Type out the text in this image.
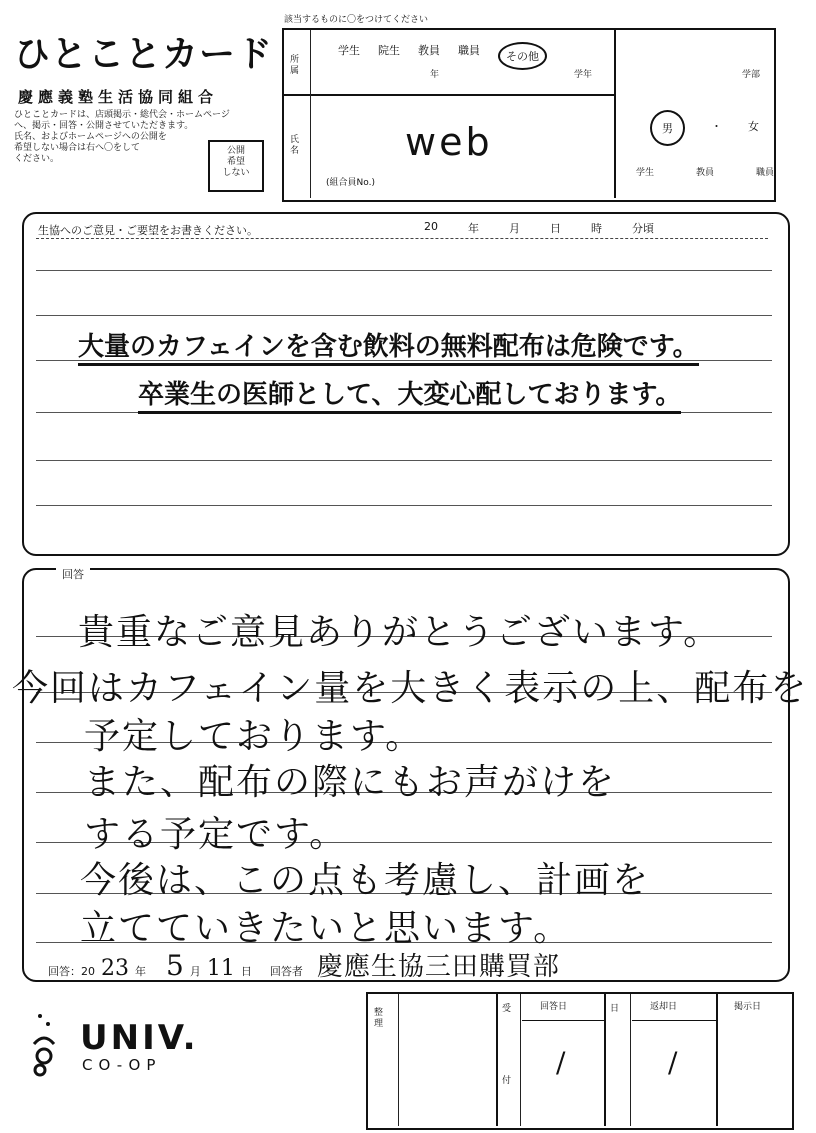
ひとことカード
慶應義塾生活協同組合
ひとことカードは、店頭掲示・総代会・ホームページ
へ、掲示・回答・公開させていただきます。
氏名、およびホームページへの公開を
希望しない場合は右へ〇をして
ください。
公開
希望
しない
該当するものに〇をつけてください
所属
氏名
学生 院生 教員 職員	その他
年	学年	学部
web
(組合員No.)
男	・ 女
学生	教員	職員
生協へのご意見・ご要望をお書きください。	20	年	月	日	時	分頃
大量のカフェインを含む飲料の無料配布は危険です。
卒業生の医師として、大変心配しております。
回答
貴重なご意見ありがとうございます。
今回はカフェイン量を大きく表示の上、配布を
予定しております。
また、配布の際にもお声がけを
する予定です。
今後は、この点も考慮し、計画を
立てていきたいと思います。
回答：20 23 年 5 月 11 日 回答者 慶應生協三田購買部
UNIV.
CO-OP
整理
受
付
日
回答日	返却日	掲示日
/	/
